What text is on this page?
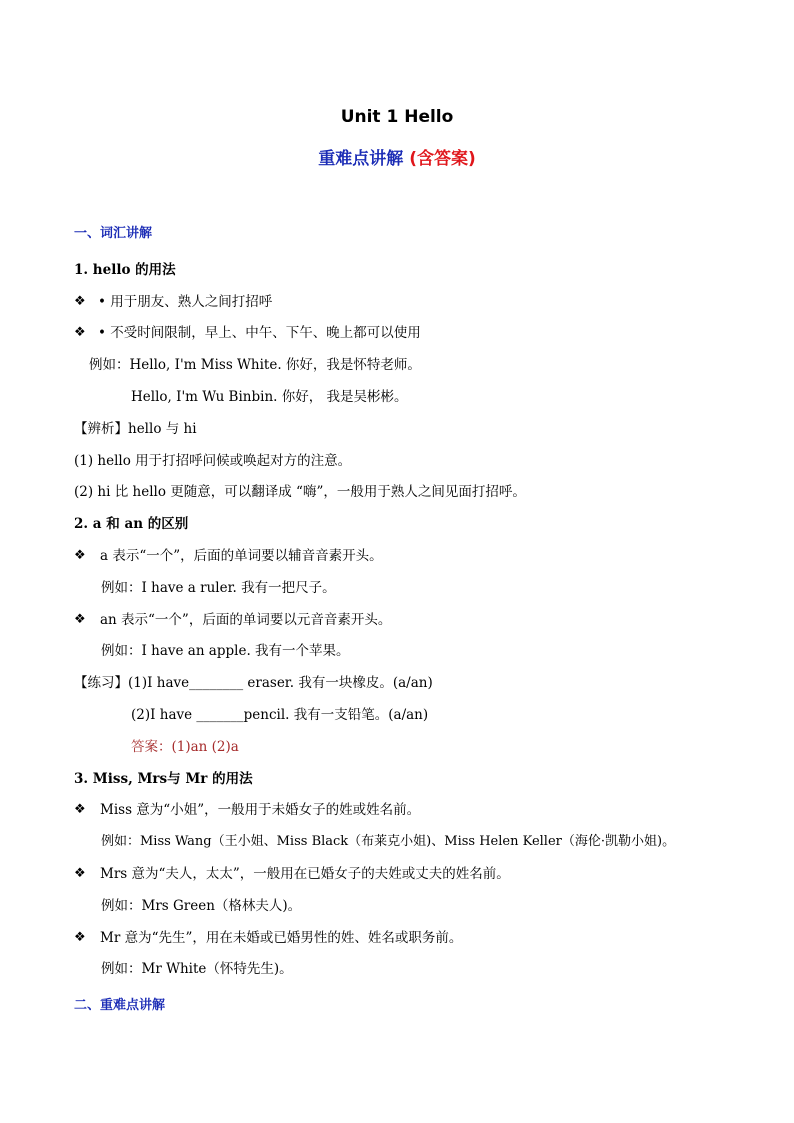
Unit 1 Hello
重难点讲解 (含答案)
一、词汇讲解
1. hello 的用法
❖ • 用于朋友、熟人之间打招呼
❖ • 不受时间限制，早上、中午、下午、晚上都可以使用
例如：Hello, I'm Miss White. 你好，我是怀特老师。
Hello, I'm Wu Binbin. 你好， 我是吴彬彬。
【辨析】hello 与 hi
(1) hello 用于打招呼问候或唤起对方的注意。
(2) hi 比 hello 更随意，可以翻译成 “嗨”，一般用于熟人之间见面打招呼。
2. a 和 an 的区别
❖ a 表示“一个”，后面的单词要以辅音音素开头。
例如：I have a ruler. 我有一把尺子。
❖ an 表示“一个”，后面的单词要以元音音素开头。
例如：I have an apple. 我有一个苹果。
【练习】(1)I have________ eraser. 我有一块橡皮。(a/an)
(2)I have _______pencil. 我有一支铅笔。(a/an)
答案：(1)an (2)a
3. Miss, Mrs与 Mr 的用法
❖ Miss 意为“小姐”，一般用于未婚女子的姓或姓名前。
例如：Miss Wang（王小姐、Miss Black（布莱克小姐)、Miss Helen Keller（海伦·凯勒小姐)。
❖ Mrs 意为“夫人，太太”，一般用在已婚女子的夫姓或丈夫的姓名前。
例如：Mrs Green（格林夫人)。
❖ Mr 意为“先生”，用在未婚或已婚男性的姓、姓名或职务前。
例如：Mr White（怀特先生)。
二、重难点讲解
